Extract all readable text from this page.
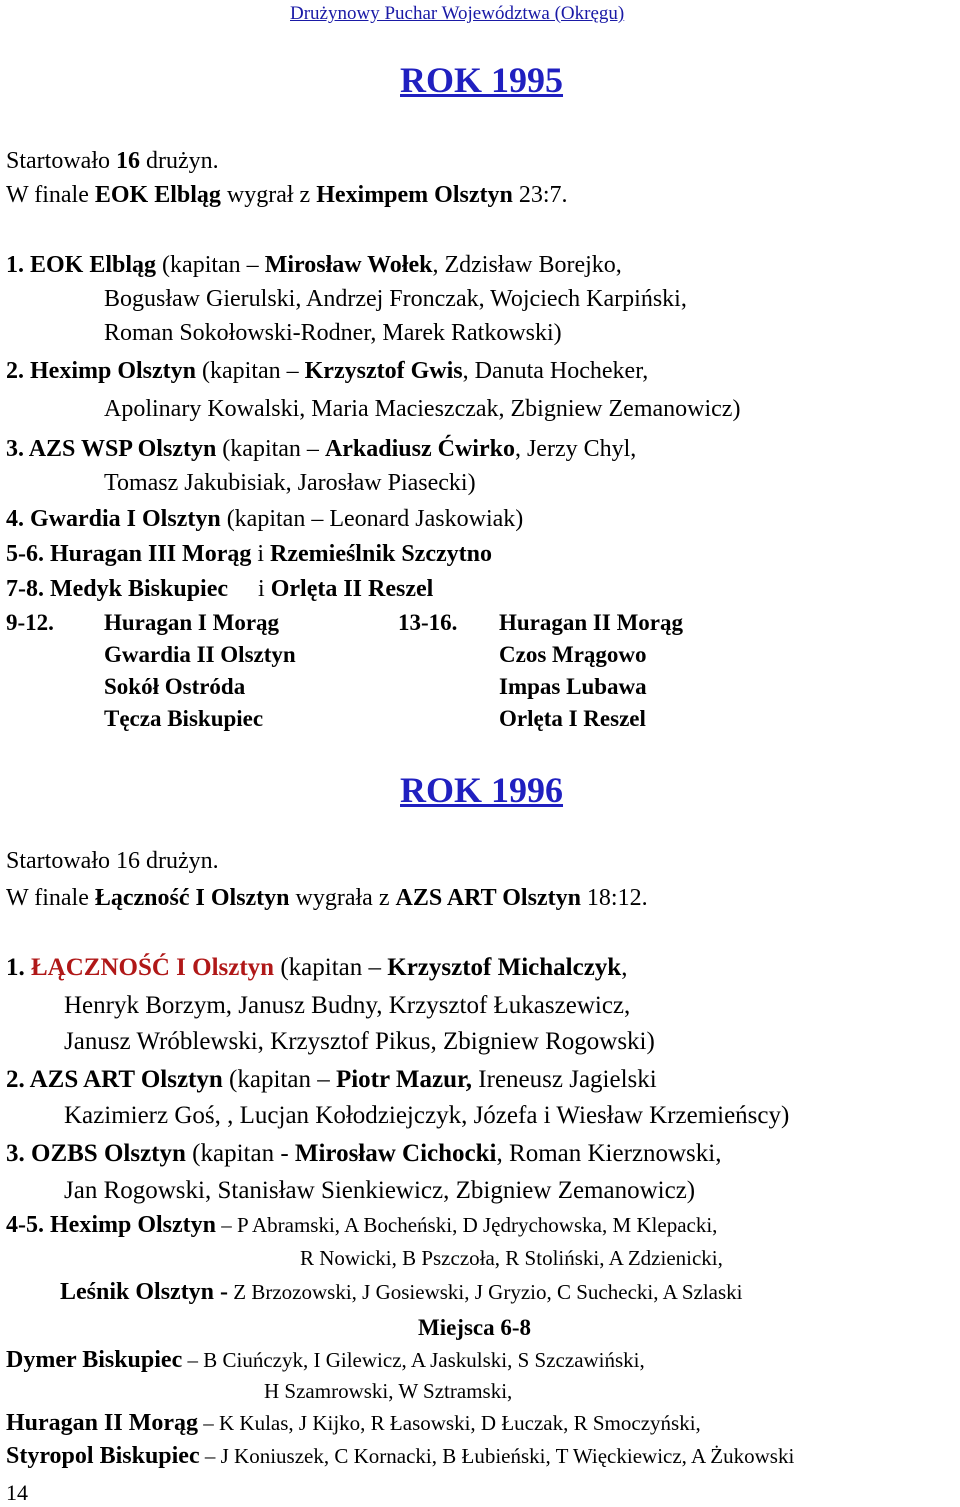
Drużynowy Puchar Województwa (Okręgu)
ROK 1995
Startowało 16 drużyn.
W finale EOK Elbląg wygrał z Heximpem Olsztyn 23:7.
1. EOK Elbląg (kapitan – Mirosław Wołek, Zdzisław Borejko,
Bogusław Gierulski, Andrzej Fronczak, Wojciech Karpiński,
Roman Sokołowski-Rodner, Marek Ratkowski)
2. Heximp Olsztyn (kapitan – Krzysztof Gwis, Danuta Hocheker,
Apolinary Kowalski, Maria Macieszczak, Zbigniew Zemanowicz)
3. AZS WSP Olsztyn (kapitan – Arkadiusz Ćwirko, Jerzy Chyl,
Tomasz Jakubisiak, Jarosław Piasecki)
4. Gwardia I Olsztyn (kapitan – Leonard Jaskowiak)
5-6. Huragan III Morąg i Rzemieślnik Szczytno
7-8. Medyk Biskupiec     i Orlęta II Reszel
9-12. Huragan I Morąg
Gwardia II Olsztyn
Sokół Ostróda
Tęcza Biskupiec
13-16. Huragan II Morąg
Czos Mrągowo
Impas Lubawa
Orlęta I Reszel
ROK 1996
Startowało 16 drużyn.
W finale Łączność I Olsztyn wygrała z AZS ART Olsztyn 18:12.
1. ŁĄCZNOŚĆ I Olsztyn (kapitan – Krzysztof Michalczyk,
Henryk Borzym, Janusz Budny, Krzysztof Łukaszewicz,
Janusz Wróblewski, Krzysztof Pikus, Zbigniew Rogowski)
2. AZS ART Olsztyn (kapitan – Piotr Mazur, Ireneusz Jagielski
Kazimierz Goś, , Lucjan Kołodziejczyk, Józefa i Wiesław Krzemieńscy)
3. OZBS Olsztyn (kapitan - Mirosław Cichocki, Roman Kierznowski,
Jan Rogowski, Stanisław Sienkiewicz, Zbigniew Zemanowicz)
4-5. Heximp Olsztyn – P Abramski, A Bocheński, D Jędrychowska, M Klepacki,
R Nowicki, B Pszczoła, R Stoliński, A Zdzienicki,
Leśnik Olsztyn - Z Brzozowski, J Gosiewski, J Gryzio, C Suchecki, A Szlaski
Miejsca 6-8
Dymer Biskupiec – B Ciuńczyk, I Gilewicz, A Jaskulski, S Szczawiński,
H Szamrowski, W Sztramski,
Huragan II Morąg – K Kulas, J Kijko, R Łasowski, D Łuczak, R Smoczyński,
Styropol Biskupiec – J Koniuszek, C Kornacki, B Łubieński, T Więckiewicz, A Żukowski
14
